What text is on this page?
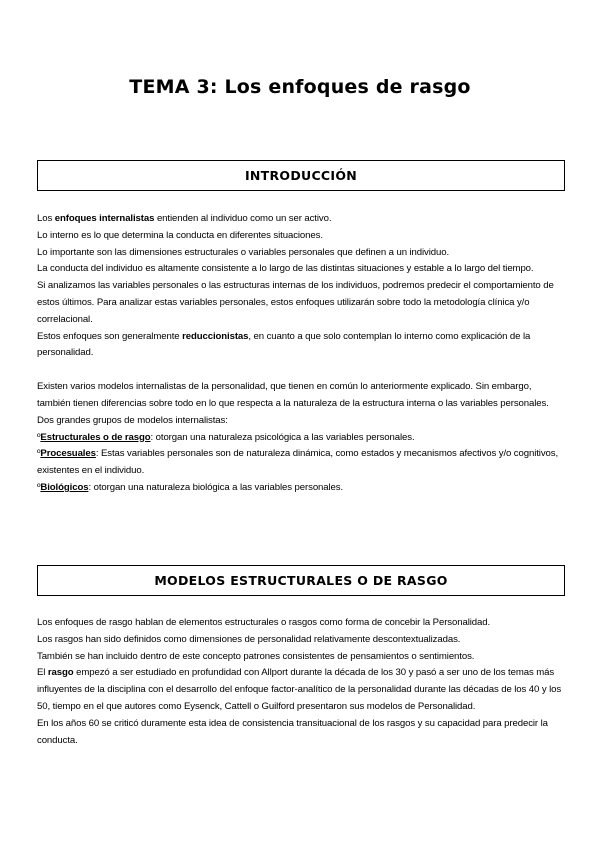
TEMA 3: Los enfoques de rasgo
INTRODUCCIÓN

Los enfoques internalistas entienden al individuo como un ser activo.

Lo interno es lo que determina la conducta en diferentes situaciones.

Lo importante son las dimensiones estructurales o variables personales que definen a un individuo.

La conducta del individuo es altamente consistente a lo largo de las distintas situaciones y estable a lo largo del tiempo.

Si analizamos las variables personales o las estructuras internas de los individuos, podremos predecir el comportamiento de estos últimos. Para analizar estas variables personales, estos enfoques utilizarán sobre todo la metodología clínica y/o correlacional.

Estos enfoques son generalmente reduccionistas, en cuanto a que solo contemplan lo interno como explicación de la personalidad.

Existen varios modelos internalistas de la personalidad, que tienen en común lo anteriormente explicado. Sin embargo, también tienen diferencias sobre todo en lo que respecta a la naturaleza de la estructura interna o las variables personales. Dos grandes grupos de modelos internalistas:

ºEstructurales o de rasgo: otorgan una naturaleza psicológica a las variables personales.

ºProcesuales: Estas variables personales son de naturaleza dinámica, como estados y mecanismos afectivos y/o cognitivos, existentes en el individuo.

ºBiológicos: otorgan una naturaleza biológica a las variables personales.

MODELOS ESTRUCTURALES O DE RASGO

Los enfoques de rasgo hablan de elementos estructurales o rasgos como forma de concebir la Personalidad.

Los rasgos han sido definidos como dimensiones de personalidad relativamente descontextualizadas.

También se han incluido dentro de este concepto patrones consistentes de pensamientos o sentimientos.

El rasgo empezó a ser estudiado en profundidad con Allport durante la década de los 30 y pasó a ser uno de los temas más influyentes de la disciplina con el desarrollo del enfoque factor-analítico de la personalidad durante las décadas de los 40 y los 50, tiempo en el que autores como Eysenck, Cattell o Guilford presentaron sus modelos de Personalidad.

En los años 60 se criticó duramente esta idea de consistencia transituacional de los rasgos y su capacidad para predecir la conducta.
